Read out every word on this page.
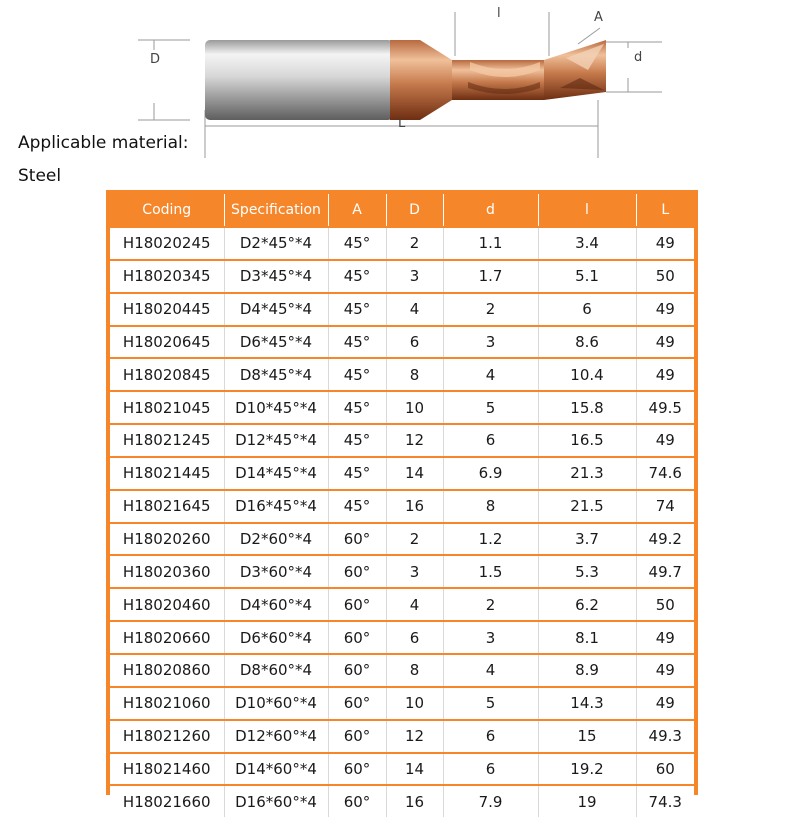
D
l	A
d
L
Applicable material:
Steel
Coding	Specification	A	D	d	l	L
H18020245	D2*45°*4	45°	2	1.1	3.4	49
H18020345	D3*45°*4	45°	3	1.7	5.1	50
H18020445	D4*45°*4	45°	4	2	6	49
H18020645	D6*45°*4	45°	6	3	8.6	49
H18020845	D8*45°*4	45°	8	4	10.4	49
H18021045	D10*45°*4	45°	10	5	15.8	49.5
H18021245	D12*45°*4	45°	12	6	16.5	49
H18021445	D14*45°*4	45°	14	6.9	21.3	74.6
H18021645	D16*45°*4	45°	16	8	21.5	74
H18020260	D2*60°*4	60°	2	1.2	3.7	49.2
H18020360	D3*60°*4	60°	3	1.5	5.3	49.7
H18020460	D4*60°*4	60°	4	2	6.2	50
H18020660	D6*60°*4	60°	6	3	8.1	49
H18020860	D8*60°*4	60°	8	4	8.9	49
H18021060	D10*60°*4	60°	10	5	14.3	49
H18021260	D12*60°*4	60°	12	6	15	49.3
H18021460	D14*60°*4	60°	14	6	19.2	60
H18021660	D16*60°*4	60°	16	7.9	19	74.3
